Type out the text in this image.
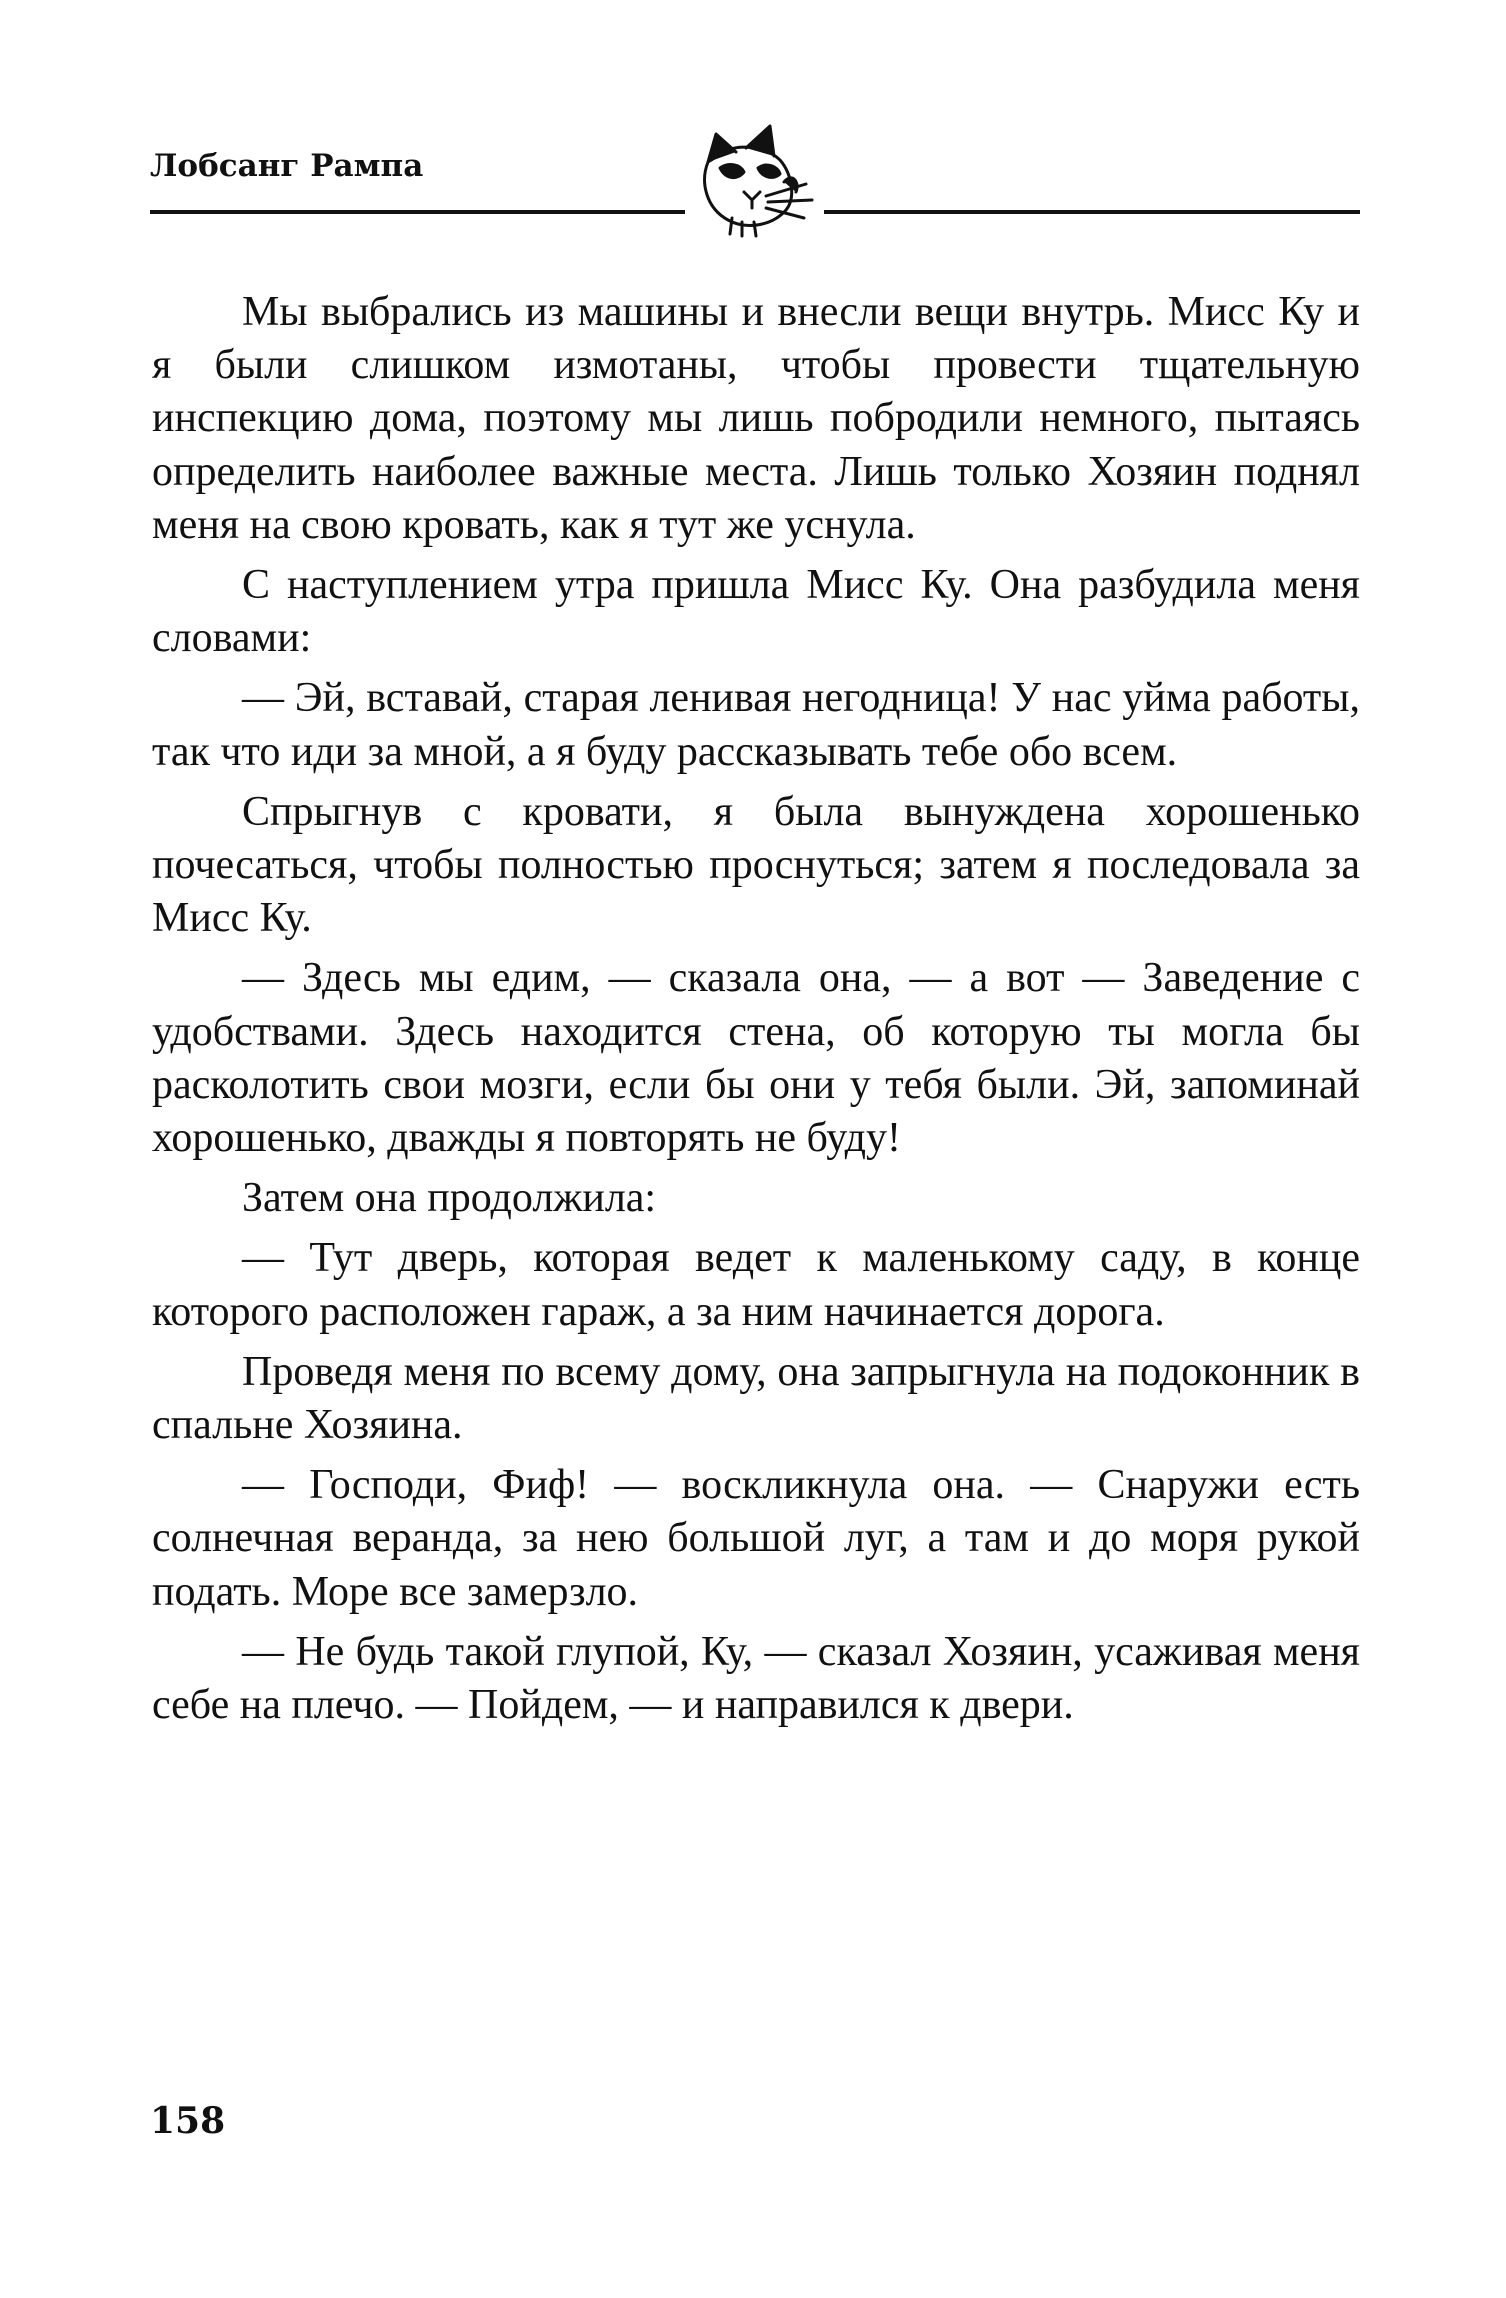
Лобсанг Рампа

Мы выбрались из машины и внесли вещи внутрь. Мисс Ку и я были слишком измотаны, чтобы провести тщательную инспекцию дома, поэтому мы лишь побродили немного, пытаясь определить наиболее важные места. Лишь только Хозяин поднял меня на свою кровать, как я тут же уснула.

С наступлением утра пришла Мисс Ку. Она разбудила меня словами:

— Эй, вставай, старая ленивая негодница! У нас уйма работы, так что иди за мной, а я буду рассказывать тебе обо всем.

Спрыгнув с кровати, я была вынуждена хорошенько почесаться, чтобы полностью проснуться; затем я последовала за Мисс Ку.

— Здесь мы едим, — сказала она, — а вот — Заведение с удобствами. Здесь находится стена, об которую ты могла бы расколотить свои мозги, если бы они у тебя были. Эй, запоминай хорошенько, дважды я повторять не буду!

Затем она продолжила:

— Тут дверь, которая ведет к маленькому саду, в конце которого расположен гараж, а за ним начинается дорога.

Проведя меня по всему дому, она запрыгнула на подоконник в спальне Хозяина.

— Господи, Фиф! — воскликнула она. — Снаружи есть солнечная веранда, за нею большой луг, а там и до моря рукой подать. Море все замерзло.

— Не будь такой глупой, Ку, — сказал Хозяин, усаживая меня себе на плечо. — Пойдем, — и направился к двери.

158
